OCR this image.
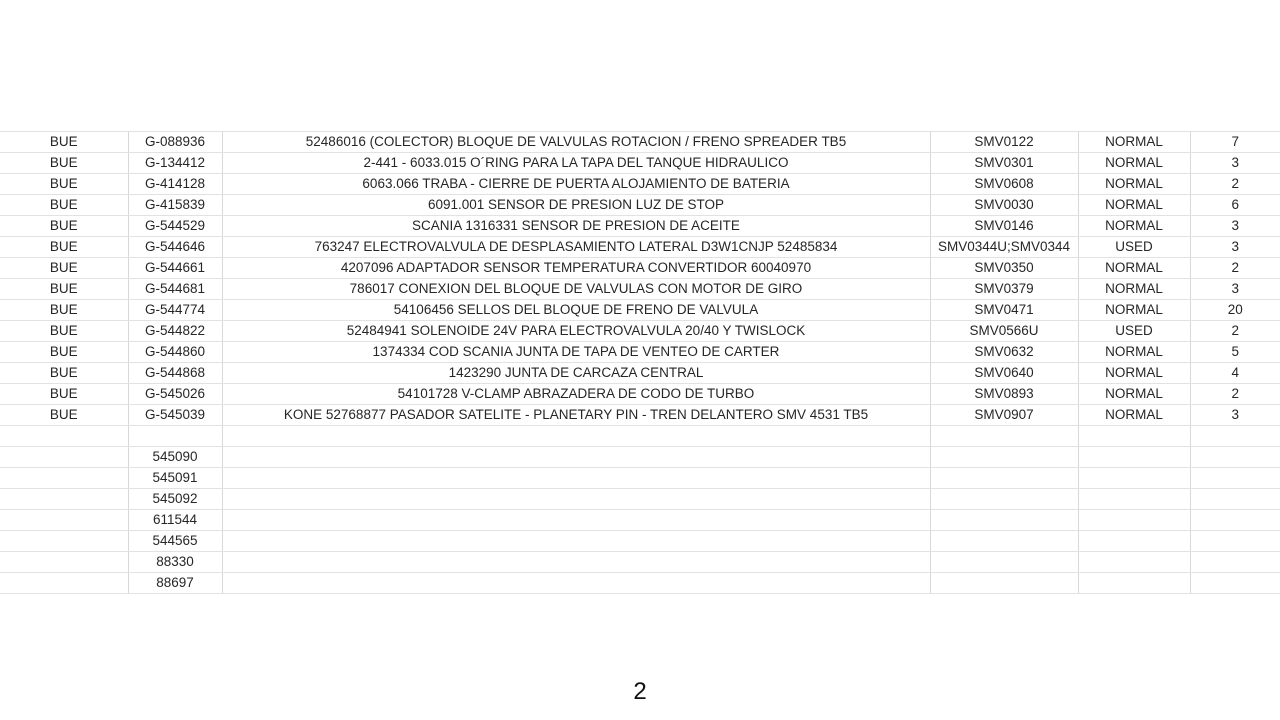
BUE	G-088936	52486016 (COLECTOR) BLOQUE DE VALVULAS ROTACION / FRENO SPREADER TB5	SMV0122	NORMAL	7
BUE	G-134412	2-441 - 6033.015 O´RING PARA LA TAPA DEL TANQUE HIDRAULICO	SMV0301	NORMAL	3
BUE	G-414128	6063.066 TRABA - CIERRE DE PUERTA ALOJAMIENTO DE BATERIA	SMV0608	NORMAL	2
BUE	G-415839	6091.001 SENSOR DE PRESION LUZ DE STOP	SMV0030	NORMAL	6
BUE	G-544529	SCANIA 1316331 SENSOR DE PRESION DE ACEITE	SMV0146	NORMAL	3
BUE	G-544646	763247 ELECTROVALVULA DE DESPLASAMIENTO LATERAL D3W1CNJP 52485834	SMV0344U;SMV0344	USED	3
BUE	G-544661	4207096 ADAPTADOR SENSOR TEMPERATURA CONVERTIDOR 60040970	SMV0350	NORMAL	2
BUE	G-544681	786017 CONEXION DEL BLOQUE DE VALVULAS CON MOTOR DE GIRO	SMV0379	NORMAL	3
BUE	G-544774	54106456 SELLOS DEL BLOQUE DE FRENO DE VALVULA	SMV0471	NORMAL	20
BUE	G-544822	52484941 SOLENOIDE 24V PARA ELECTROVALVULA 20/40 Y TWISLOCK	SMV0566U	USED	2
BUE	G-544860	1374334 COD SCANIA JUNTA DE TAPA DE VENTEO DE CARTER	SMV0632	NORMAL	5
BUE	G-544868	1423290 JUNTA DE CARCAZA CENTRAL	SMV0640	NORMAL	4
BUE	G-545026	54101728 V-CLAMP ABRAZADERA DE CODO DE TURBO	SMV0893	NORMAL	2
BUE	G-545039	KONE 52768877 PASADOR SATELITE - PLANETARY PIN - TREN DELANTERO SMV 4531 TB5	SMV0907	NORMAL	3

	545090				
	545091				
	545092				
	611544				
	544565				
	88330				
	88697				
2
